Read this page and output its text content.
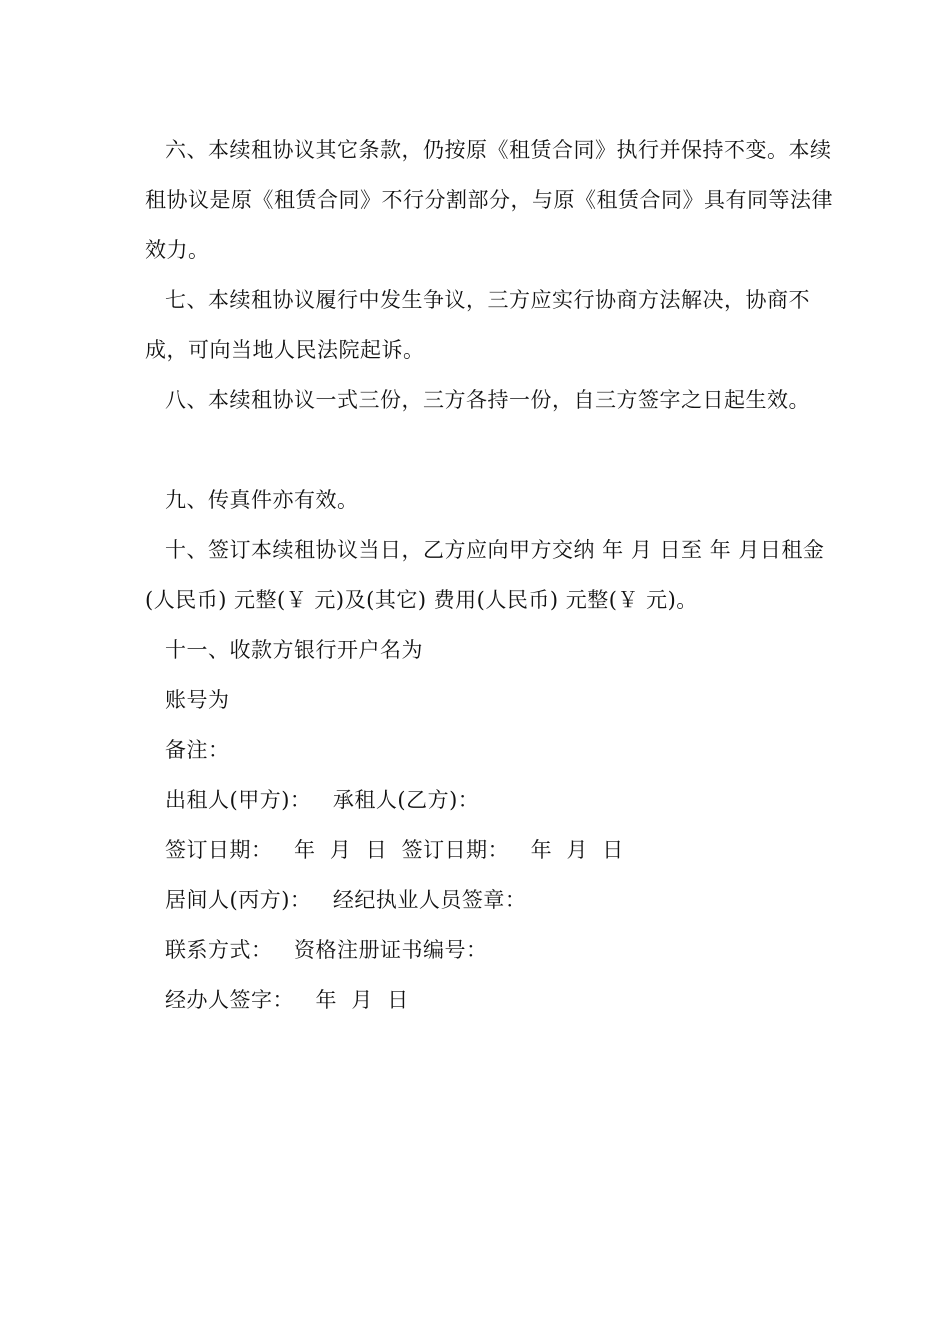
六、本续租协议其它条款，仍按原《租赁合同》执行并保持不变。本续租协议是原《租赁合同》不行分割部分，与原《租赁合同》具有同等法律效力。
七、本续租协议履行中发生争议，三方应实行协商方法解决，协商不成，可向当地人民法院起诉。
八、本续租协议一式三份，三方各持一份，自三方签字之日起生效。
九、传真件亦有效。
十、签订本续租协议当日，乙方应向甲方交纳 年 月 日至 年 月日租金(人民币) 元整(￥ 元)及(其它) 费用(人民币) 元整(￥ 元)。
十一、收款方银行开户名为
账号为
备注：
出租人(甲方)：   承租人(乙方)：
签订日期：   年  月  日  签订日期：   年  月  日
居间人(丙方)：   经纪执业人员签章：
联系方式：   资格注册证书编号：
经办人签字：   年  月  日
